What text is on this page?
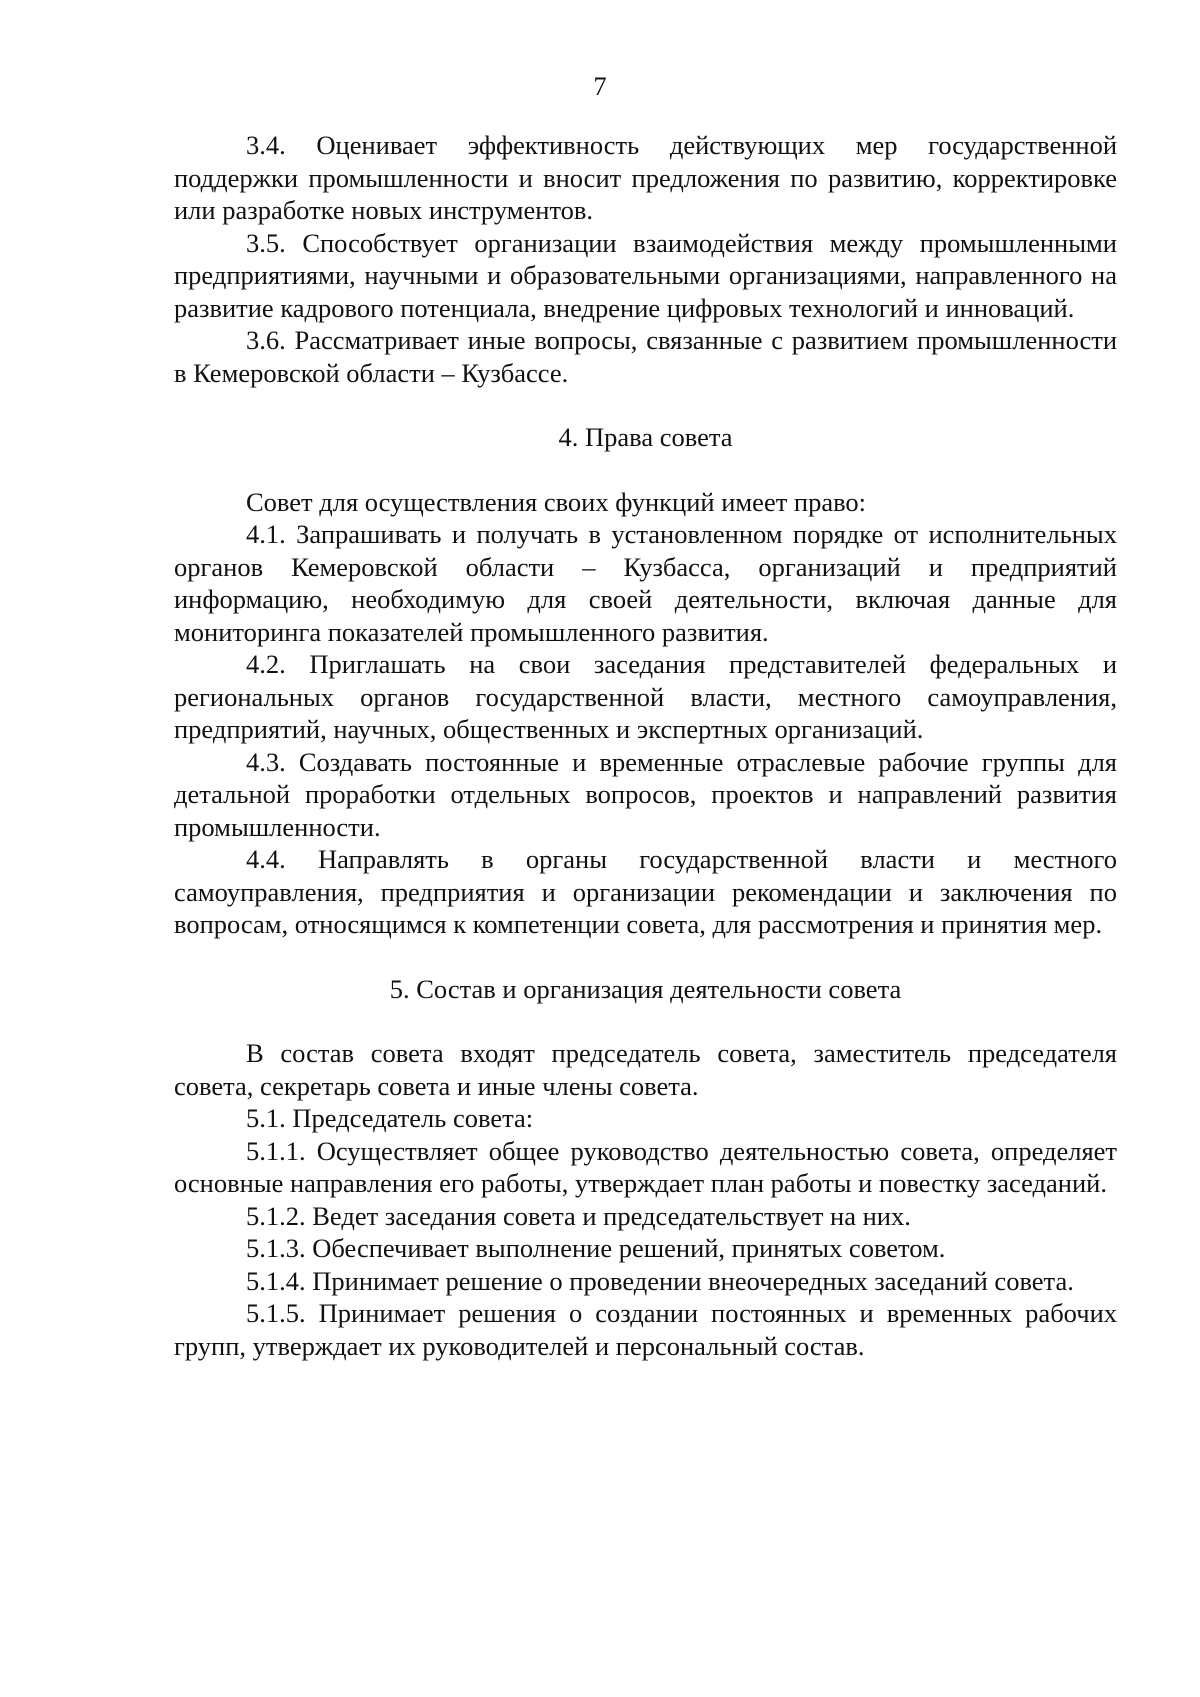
7

3.4. Оценивает эффективность действующих мер государственной поддержки промышленности и вносит предложения по развитию, корректировке или разработке новых инструментов.

3.5. Способствует организации взаимодействия между промышленными предприятиями, научными и образовательными организациями, направленного на развитие кадрового потенциала, внедрение цифровых технологий и инноваций.

3.6. Рассматривает иные вопросы, связанные с развитием промышленности в Кемеровской области – Кузбассе.

4. Права совета

Совет для осуществления своих функций имеет право:

4.1. Запрашивать и получать в установленном порядке от исполнительных органов Кемеровской области – Кузбасса, организаций и предприятий информацию, необходимую для своей деятельности, включая данные для мониторинга показателей промышленного развития.

4.2. Приглашать на свои заседания представителей федеральных и региональных органов государственной власти, местного самоуправления, предприятий, научных, общественных и экспертных организаций.

4.3. Создавать постоянные и временные отраслевые рабочие группы для детальной проработки отдельных вопросов, проектов и направлений развития промышленности.

4.4. Направлять в органы государственной власти и местного самоуправления, предприятия и организации рекомендации и заключения по вопросам, относящимся к компетенции совета, для рассмотрения и принятия мер.

5. Состав и организация деятельности совета

В состав совета входят председатель совета, заместитель председателя совета, секретарь совета и иные члены совета.

5.1. Председатель совета:

5.1.1. Осуществляет общее руководство деятельностью совета, определяет основные направления его работы, утверждает план работы и повестку заседаний.

5.1.2. Ведет заседания совета и председательствует на них.

5.1.3. Обеспечивает выполнение решений, принятых советом.

5.1.4. Принимает решение о проведении внеочередных заседаний совета.

5.1.5. Принимает решения о создании постоянных и временных рабочих групп, утверждает их руководителей и персональный состав.
